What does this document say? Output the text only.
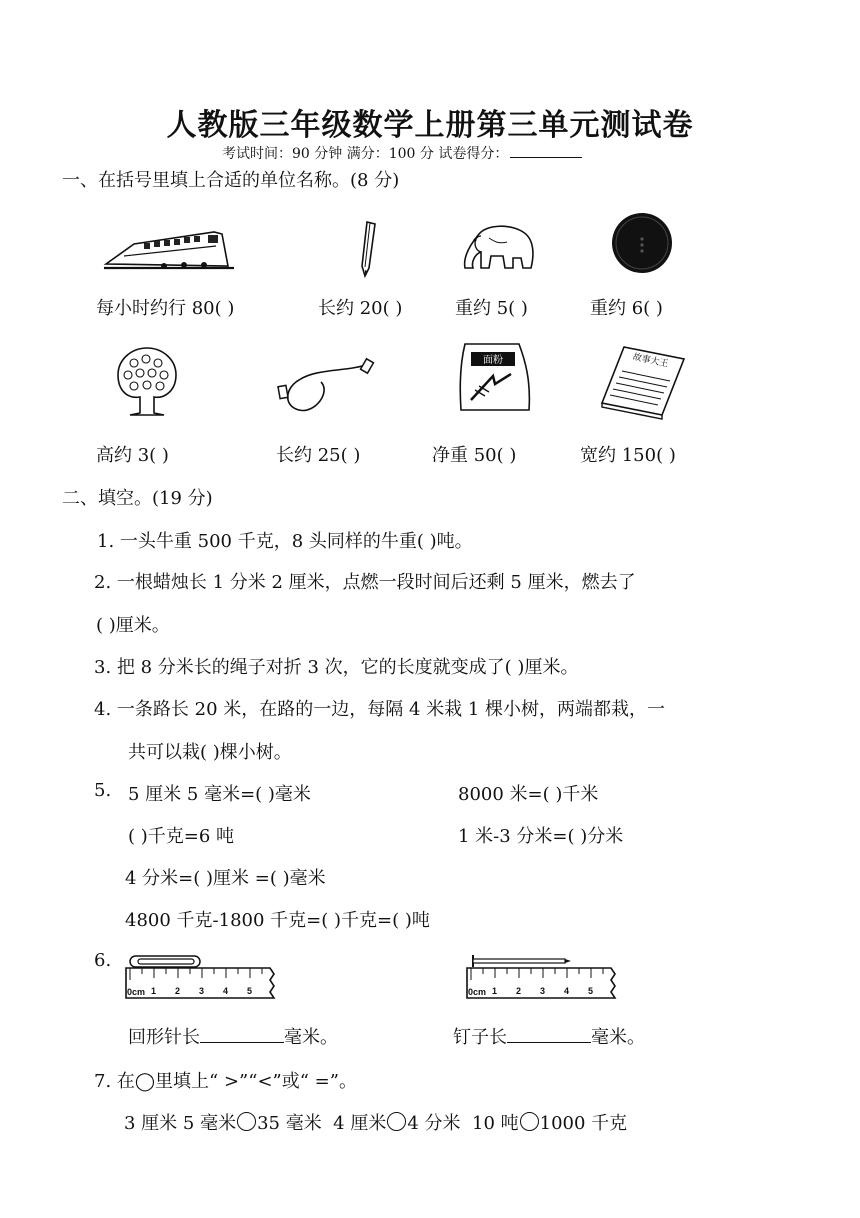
人教版三年级数学上册第三单元测试卷
考试时间：90 分钟 满分：100 分 试卷得分：
一、在括号里填上合适的单位名称。(8 分)
每小时约行 80( )	长约 20( )	重约 5( )	重约 6( )
面粉	故事大王
高约 3( )	长约 25( )	净重 50( )	宽约 150( )
二、填空。(19 分)
1. 一头牛重 500 千克，8 头同样的牛重( )吨。
2. 一根蜡烛长 1 分米 2 厘米，点燃一段时间后还剩 5 厘米，燃去了
( )厘米。
3. 把 8 分米长的绳子对折 3 次，它的长度就变成了( )厘米。
4. 一条路长 20 米，在路的一边，每隔 4 米栽 1 棵小树，两端都栽，一
共可以栽( )棵小树。
5. 5 厘米 5 毫米=( )毫米	8000 米=( )千米
( )千克=6 吨	1 米-3 分米=( )分米
4 分米=( )厘米 =( )毫米
4800 千克-1800 千克=( )千克=( )吨
6.
0cm 1 2 3 4 5	0cm 1 2 3 4 5
回形针长	毫米。	钉子长	毫米。
7. 在◯里填上“ >”“<”或“ =”。
3 厘米 5 毫米 35 毫米 4 厘米 4 分米 10 吨 1000 千克
